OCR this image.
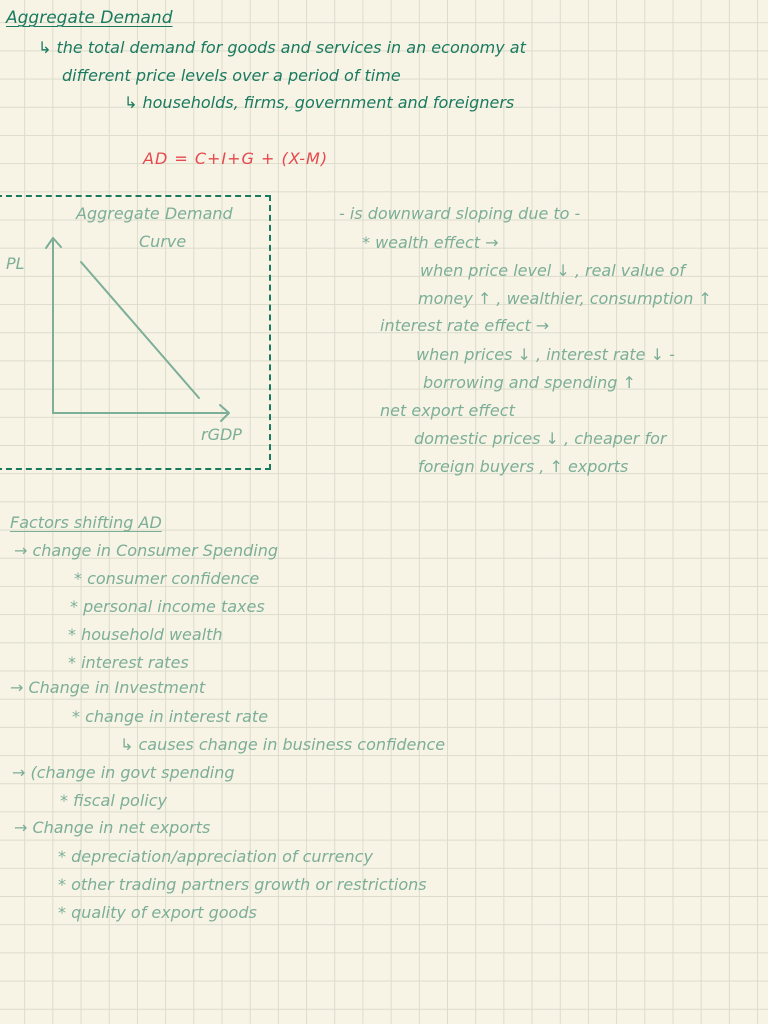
Aggregate Demand
↳ the total demand for goods and services in an economy at
different price levels over a period of time
↳ households, firms, government and foreigners
AD = C+I+G + (X-M)
Aggregate Demand
Curve
PL
rGDP
- is downward sloping due to -
* wealth effect →
when price level ↓ , real value of
money ↑ , wealthier, consumption ↑
interest rate effect →
when prices ↓ , interest rate ↓ -
borrowing and spending ↑
net export effect
domestic prices ↓ , cheaper for
foreign buyers , ↑ exports
Factors shifting AD
→ change in Consumer Spending
* consumer confidence
* personal income taxes
* household wealth
* interest rates
→ Change in Investment
* change in interest rate
↳ causes change in business confidence
→ (change in govt spending
* fiscal policy
→ Change in net exports
* depreciation/appreciation of currency
* other trading partners growth or restrictions
* quality of export goods
